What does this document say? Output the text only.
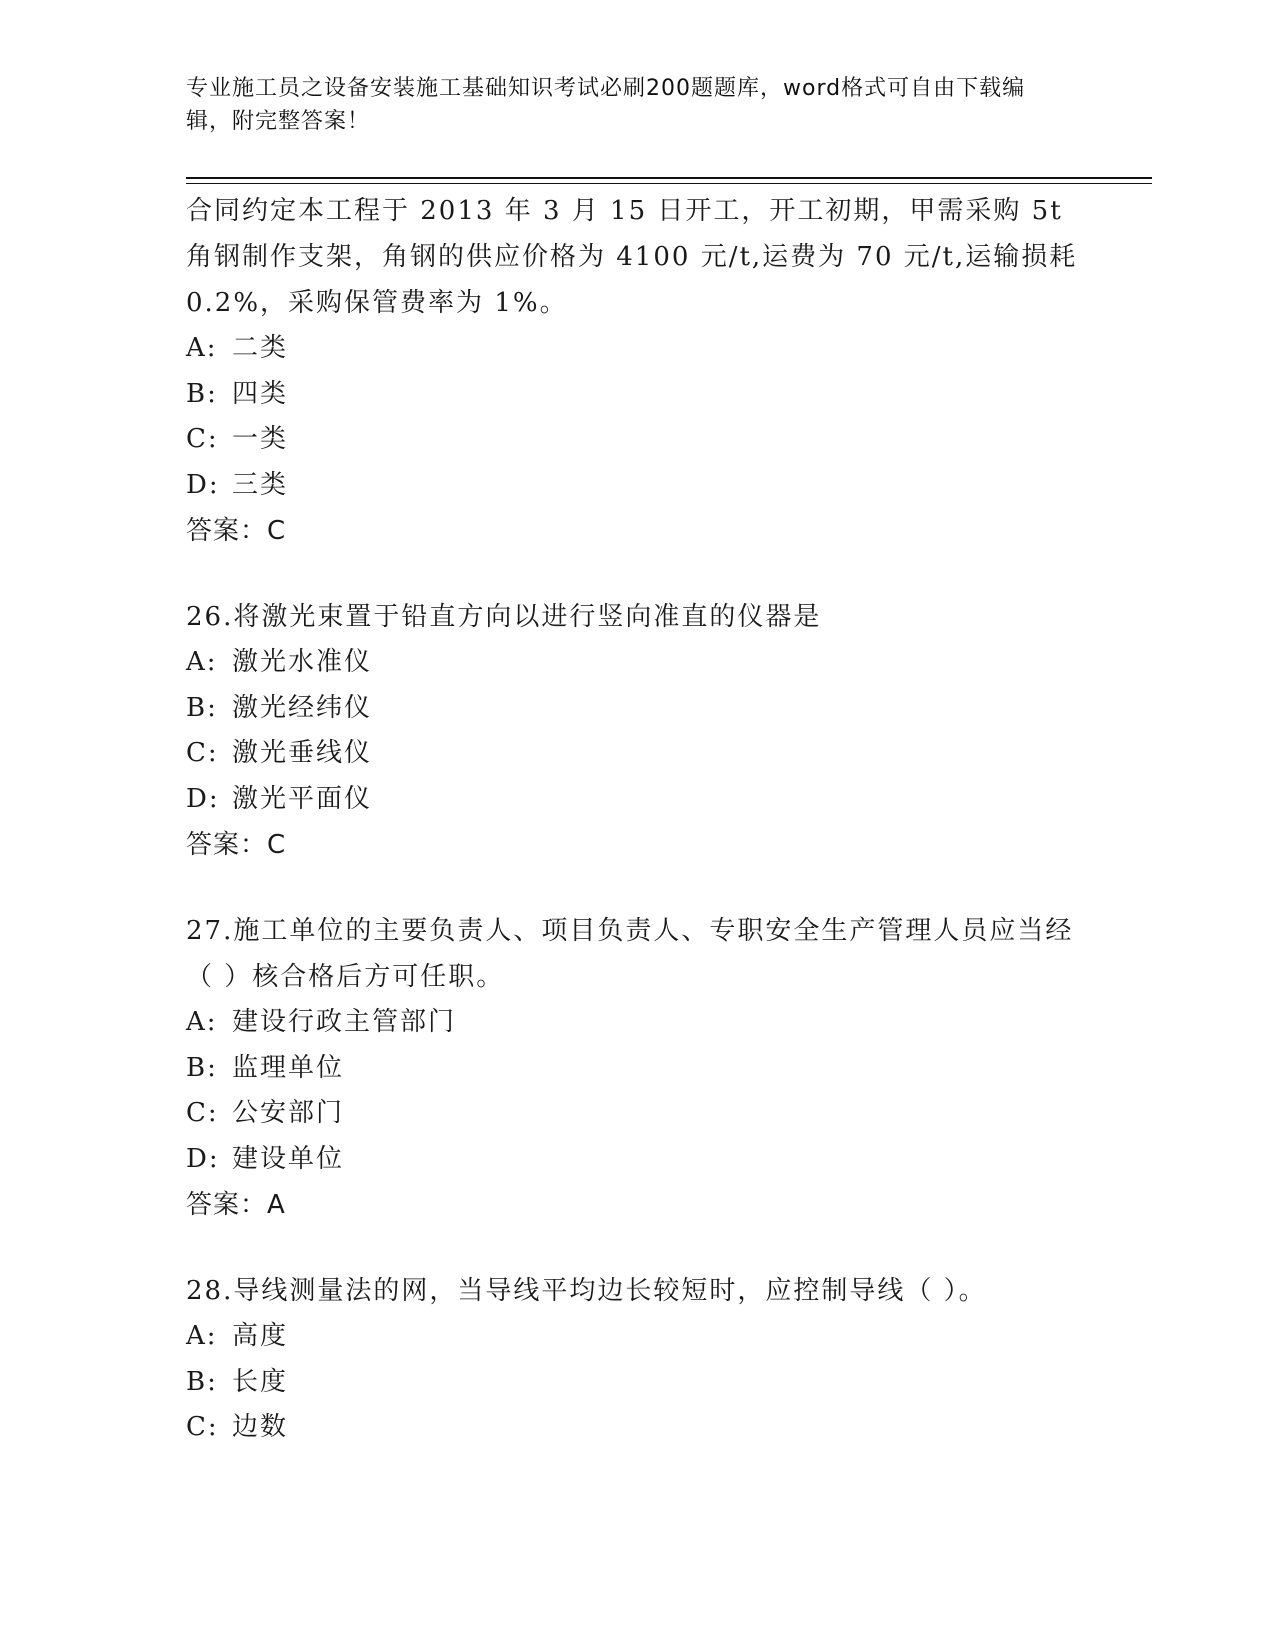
专业施工员之设备安装施工基础知识考试必刷200题题库，word格式可自由下载编辑，附完整答案！

合同约定本工程于 2013 年 3 月 15 日开工，开工初期，甲需采购 5t 角钢制作支架，角钢的供应价格为 4100 元/t,运费为 70 元/t,运输损耗 0.2%，采购保管费率为 1%。

A: 二类
B: 四类
C: 一类
D: 三类
答案：C

26.将激光束置于铅直方向以进行竖向准直的仪器是

A: 激光水准仪
B: 激光经纬仪
C: 激光垂线仪
D: 激光平面仪
答案：C

27.施工单位的主要负责人、项目负责人、专职安全生产管理人员应当经（ ）核合格后方可任职。

A: 建设行政主管部门
B: 监理单位
C: 公安部门
D: 建设单位
答案：A

28.导线测量法的网，当导线平均边长较短时，应控制导线（ ）。

A: 高度
B: 长度
C: 边数
